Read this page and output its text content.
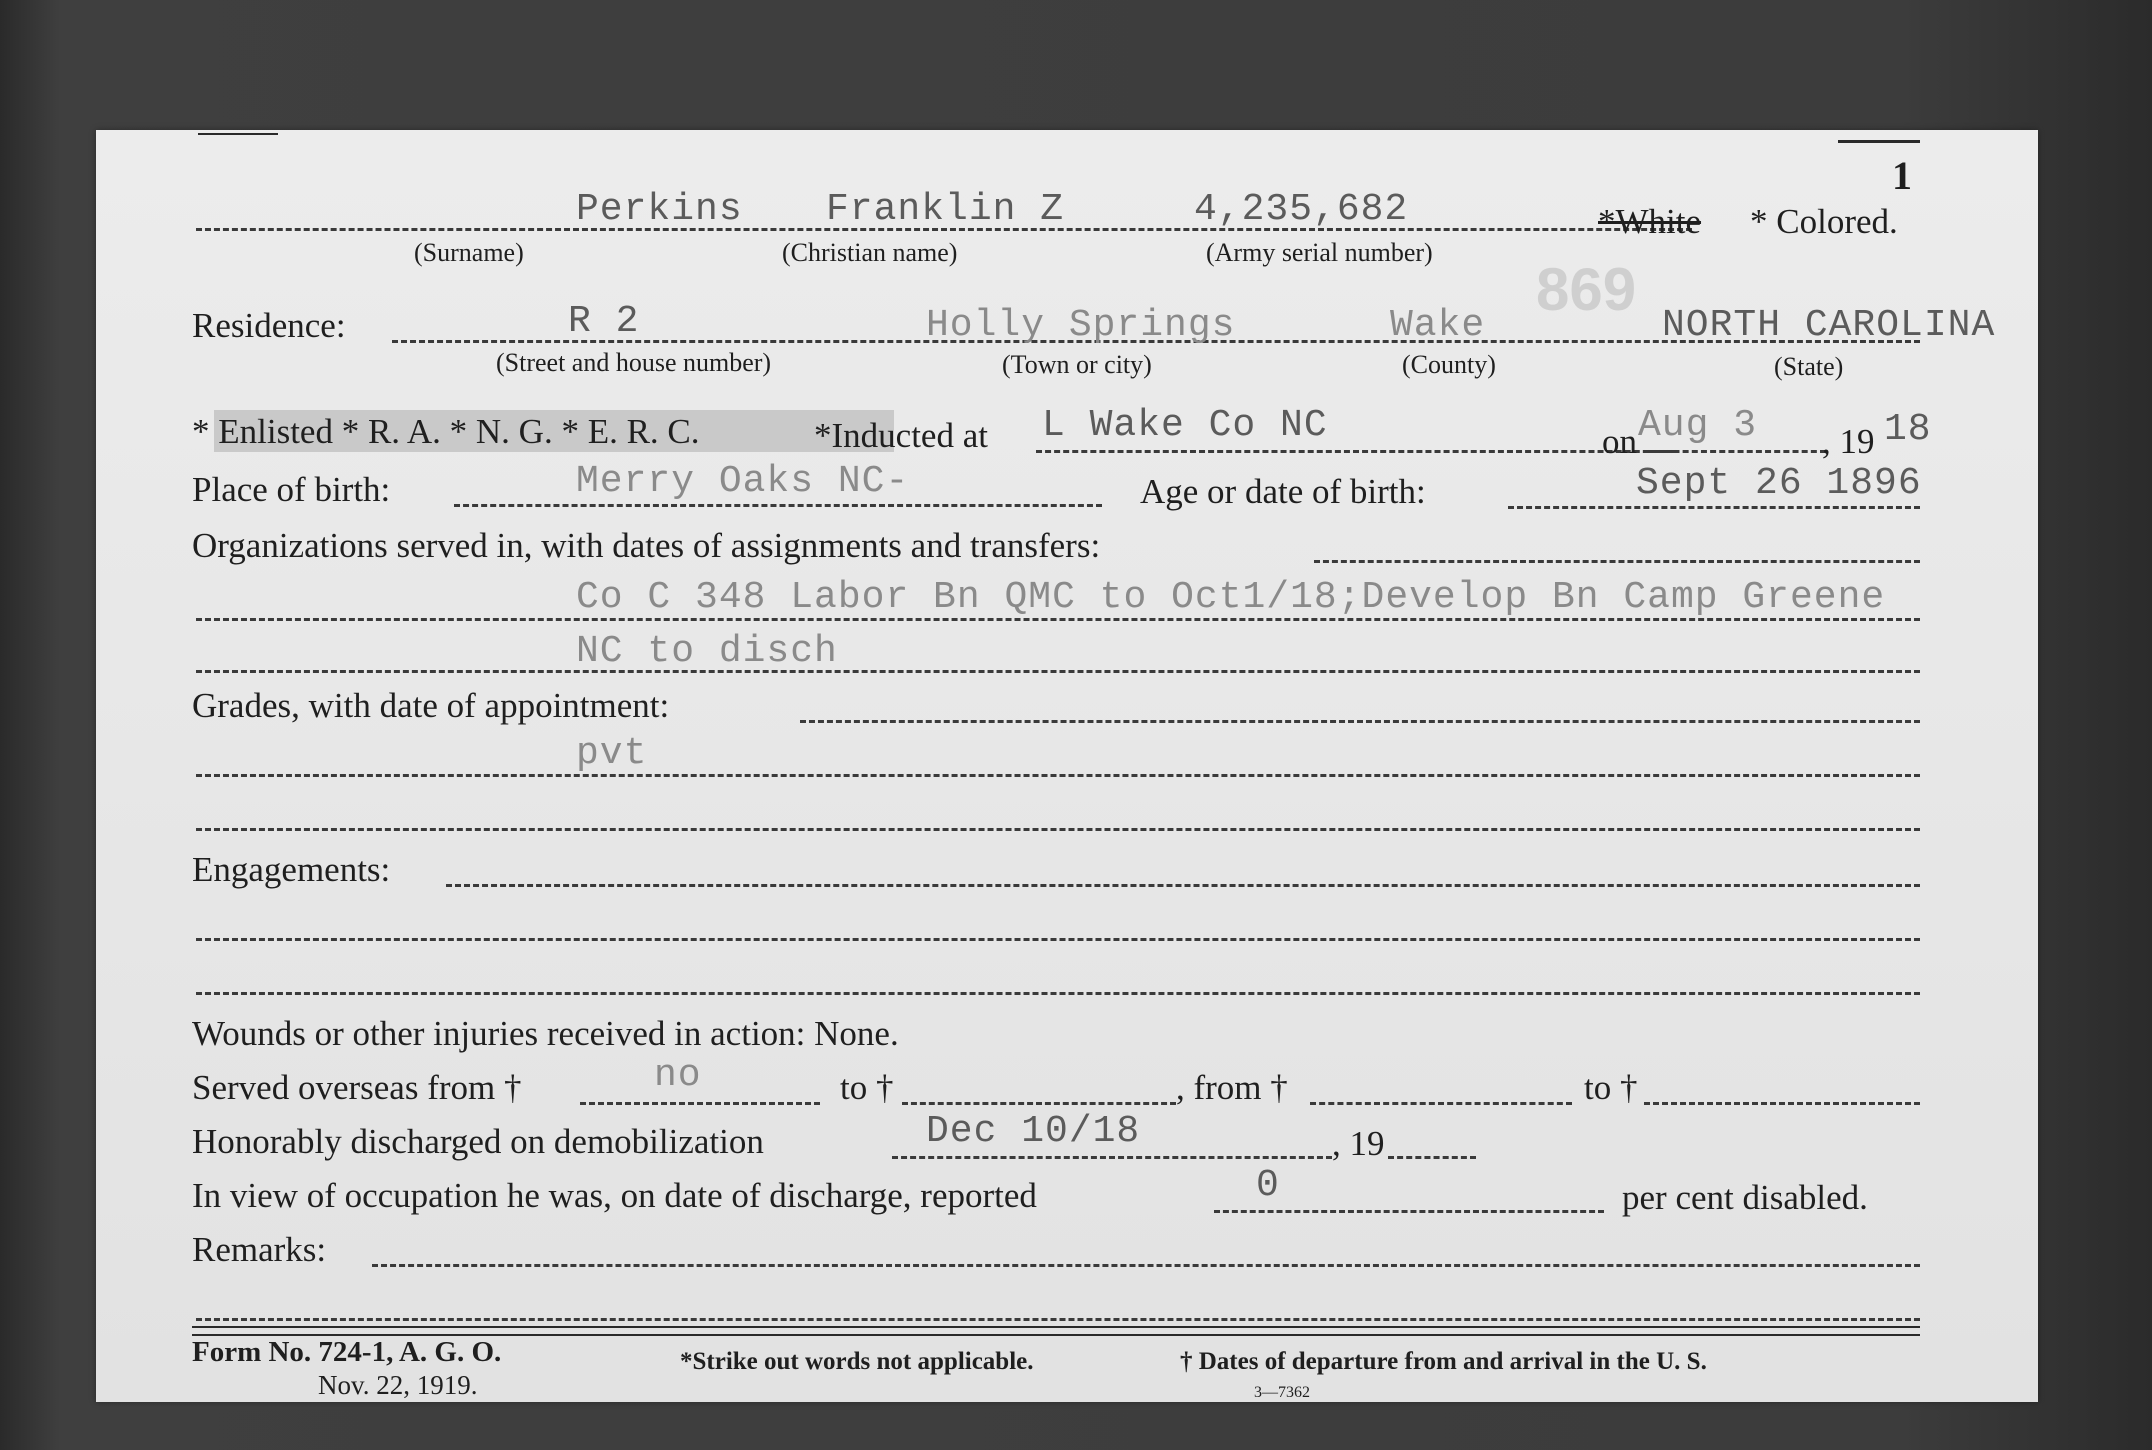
1
869
Perkins Franklin Z	4,235,682	*White * Colored.
(Surname)	(Christian name)	(Army serial number)
Residence:	R 2	Holly Springs	Wake	NORTH CAROLINA
(Street and house number)	(Town or city)	(County)	(State)
* Enlisted * R. A. * N. G. * E. R. C.	*Inducted at L Wake Co NC	on Aug 3 , 19 18
Place of birth:	Merry Oaks NC-	Age or date of birth:	Sept 26 1896
Organizations served in, with dates of assignments and transfers:
Co C 348 Labor Bn QMC to Oct1/18;Develop Bn Camp Greene
NC to disch
Grades, with date of appointment:
pvt
Engagements:
Wounds or other injuries received in action: None.
Served overseas from †	no	to †	, from †	to †
Honorably discharged on demobilization	Dec 10/18	, 19
In view of occupation he was, on date of discharge, reported	0	per cent disabled.
Remarks:
Form No. 724-1, A. G. O.
Nov. 22, 1919.
*Strike out words not applicable.	† Dates of departure from and arrival in the U. S.
3—7362
